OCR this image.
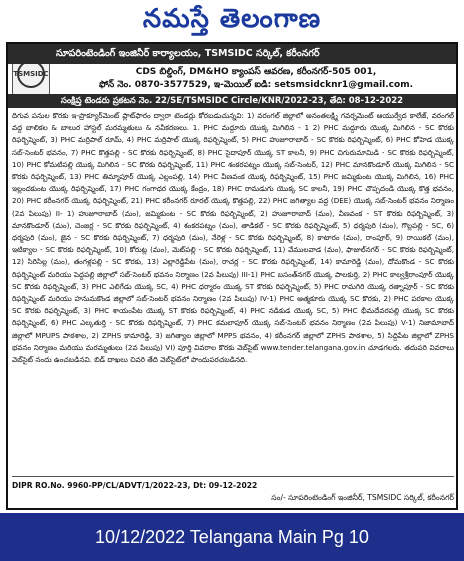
నమస్తే తెలంగాణ
TSMSIDC
సూపరింటెండింగ్ ఇంజినీర్ కార్యాలయం, TSMSIDC సర్కిల్, కరీంనగర్
CDS బిల్డింగ్, DM&HO క్యాంపస్ ఆవరణ, కరీంనగర్-505 001,
ఫోన్ నెం. 0870-3577529, ఇ-మెయిల్ ఐడి: setsmsidcknr1@gmail.com.
సంక్షిప్త టెండరు ప్రకటన నెం. 22/SE/TSMSIDC Circle/KNR/2022-23, తేది: 08-12-2022
దిగువ పనుల కొరకు ఇ-ప్రొక్యూర్‌మెంట్ ప్లాట్‌ఫారం ద్వారా టెండర్లు కోరబడుచున్నవి: 1) వరంగల్ జిల్లాలో అనంతలక్ష్మి గవర్నమెంట్ ఆయుర్వేద కాలేజ్, వరంగల్ వద్ద బాలికల & బాలుర హాస్టల్ మరమ్మతులు & నవీకరణలు. 1. PHC మద్దూరు యొక్క మిగిలిన - 1 2) PHC మద్దూరు యొక్క మిగిలిన - SC కొరకు రిఫర్బిష్మెంట్, 3) PHC మర్రిపాల్ రూమ్, 4) PHC మర్రిపాల్ యొక్క రిఫర్బిష్మెంట్, 5) PHC హుజూరాబాద్ - SC కొరకు రిఫర్బిష్మెంట్, 6) PHC కోహెడ యొక్క సబ్-సెంటర్ భవనం, 7) PHC కొత్తపల్లి - SC కొరకు రిఫర్బిష్మెంట్, 8) PHC సైదాపూర్ యొక్క ST కాలనీ, 9) PHC చిగురుమామిడి - SC కొరకు రిఫర్బిష్మెంట్, 10) PHC కోమటిపల్లి యొక్క మిగిలిన - SC కొరకు రిఫర్బిష్మెంట్, 11) PHC శంకరపట్నం యొక్క సబ్-సెంటర్, 12) PHC మానకొండూర్ యొక్క మిగిలిన - SC కొరకు రిఫర్బిష్మెంట్, 13) PHC తిమ్మాపూర్ యొక్క ఎల్లంపల్లి, 14) PHC వీణవంక యొక్క రిఫర్బిష్మెంట్, 15) PHC జమ్మికుంట యొక్క మిగిలిన, 16) PHC ఇల్లందకుంట యొక్క రిఫర్బిష్మెంట్, 17) PHC గంగాధర యొక్క కేంద్రం, 18) PHC రామడుగు యొక్క SC కాలనీ, 19) PHC చొప్పదండి యొక్క కొత్త భవనం, 20) PHC కరీంనగర్ యొక్క రిఫర్బిష్మెంట్, 21) PHC కరీంనగర్ రూరల్ యొక్క కొత్తపల్లి, 22) PHC జగిత్యాల వద్ద (DEE) యొక్క సబ్-సెంటర్ భవనం నిర్మాణం (2వ పిలుపు) II- 1) హుజూరాబాద్ (మం), జమ్మికుంట - SC కొరకు రిఫర్బిష్మెంట్, 2) హుజూరాబాద్ (మం), వీణవంక - ST కొరకు రిఫర్బిష్మెంట్, 3) మానకొండూర్ (మం), చెంజర్ల - SC కొరకు రిఫర్బిష్మెంట్, 4) శంకరపట్నం (మం), తాడికల్ - SC కొరకు రిఫర్బిష్మెంట్, 5) ధర్మపురి (మం), గొల్లపల్లి - SC, 6) ధర్మపురి (మం), జైన - SC కొరకు రిఫర్బిష్మెంట్, 7) ధర్మపురి (మం), నేరెళ్ల - SC కొరకు రిఫర్బిష్మెంట్, 8) కాటారం (మం), రాంపూర్, 9) రాయికల్ (మం), ఇటిక్యాల - SC కొరకు రిఫర్బిష్మెంట్, 10) కోరుట్ల (మం), మెట్‌పల్లి - SC కొరకు రిఫర్బిష్మెంట్, 11) వేములవాడ (మం), ఫాజుల్‌నగర్ - SC కొరకు రిఫర్బిష్మెంట్, 12) సిరిసిల్ల (మం), తంగళ్లపల్లి - SC కొరకు, 13) ఎల్లారెడ్డిపేట (మం), రాచర్ల - SC కొరకు రిఫర్బిష్మెంట్, 14) కామారెడ్డి (మం), దోమకొండ - SC కొరకు రిఫర్బిష్మెంట్ మరియు పెద్దపల్లి జిల్లాలో సబ్-సెంటర్ భవనం నిర్మాణం (2వ పిలుపు) III-1) PHC బసంత్‌నగర్ యొక్క పాలకుర్తి, 2) PHC కాల్వశ్రీరాంపూర్ యొక్క SC కొరకు రిఫర్బిష్మెంట్, 3) PHC ఎలిగేడు యొక్క SC, 4) PHC ధర్మారం యొక్క ST కొరకు రిఫర్బిష్మెంట్, 5) PHC రామగిరి యొక్క రత్నాపూర్ - SC కొరకు రిఫర్బిష్మెంట్ మరియు హనుమకొండ జిల్లాలో సబ్-సెంటర్ భవనం నిర్మాణం (2వ పిలుపు) IV-1) PHC ఆత్మకూరు యొక్క SC కొరకు, 2) PHC పరకాల యొక్క SC కొరకు రిఫర్బిష్మెంట్, 3) PHC శాయంపేట యొక్క ST కొరకు రిఫర్బిష్మెంట్, 4) PHC నడికుడ యొక్క SC, 5) PHC భీమదేవరపల్లి యొక్క SC కొరకు రిఫర్బిష్మెంట్, 6) PHC ఎల్కతుర్తి - SC కొరకు రిఫర్బిష్మెంట్, 7) PHC కమలాపూర్ యొక్క సబ్-సెంటర్ భవనం నిర్మాణం (2వ పిలుపు) V-1) నిజామాబాద్ జిల్లాలో MPUPS పాఠశాల, 2) ZPHS కామారెడ్డి, 3) జగిత్యాల జిల్లాలో MPPS భవనం, 4) కరీంనగర్ జిల్లాలో ZPHS పాఠశాల, 5) సిద్దిపేట జిల్లాలో ZPHS భవనం నిర్మాణం మరియు మరమ్మతులు (2వ పిలుపు) VI) పూర్తి వివరాల కొరకు వెబ్‌సైట్ www.tender.telangana.gov.in చూడగలరు. తదుపరి వివరాలు వెబ్‌సైట్ నందు ఉంచబడినవి. బిడ్ దాఖలు చివరి తేది వెబ్‌సైట్‌లో పొందుపరచబడినది.
DIPR RO.No. 9960-PP/CL/ADVT/1/2022-23, Dt: 09-12-2022
సం/- సూపరింటెండింగ్ ఇంజినీర్, TSMSIDC సర్కిల్, కరీంనగర్
10/12/2022 Telangana Main Pg 10
